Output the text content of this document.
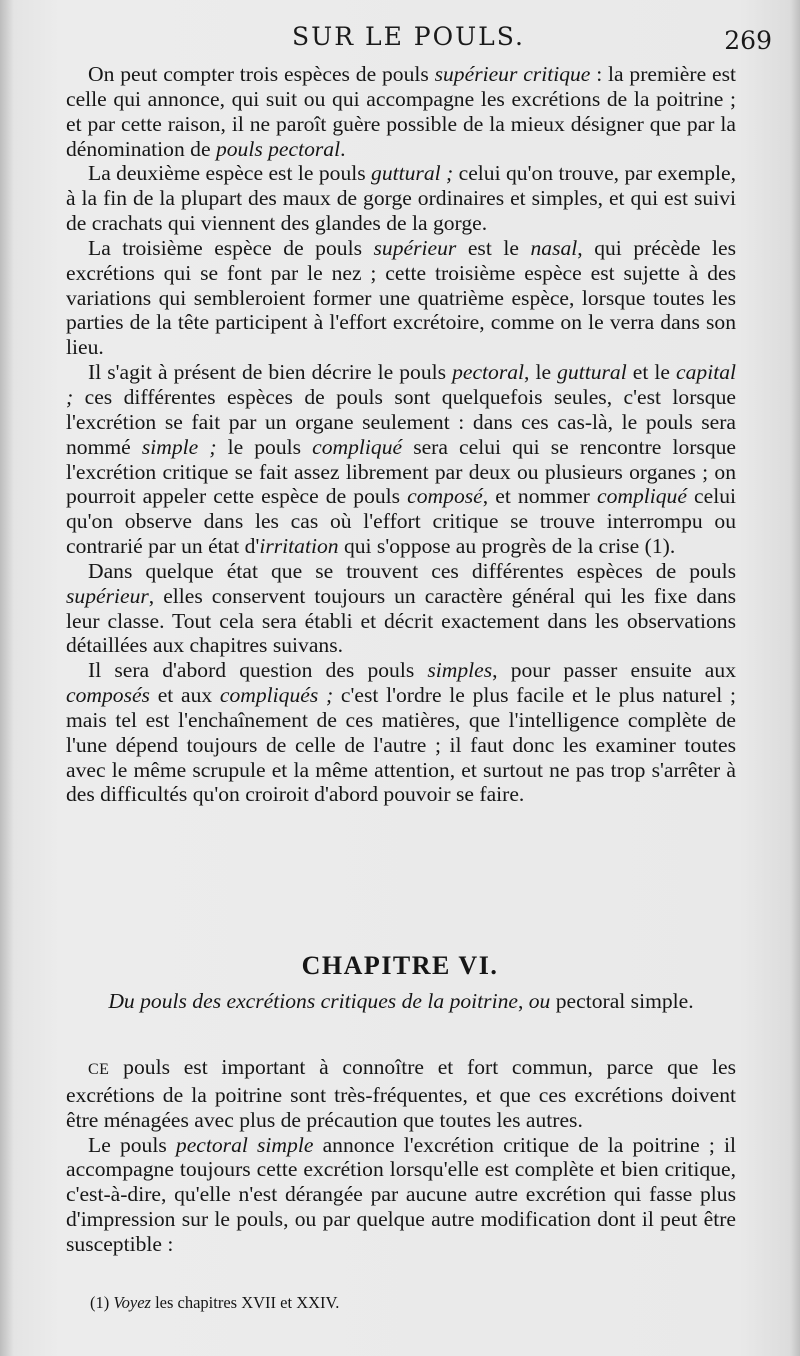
SUR LE POULS.	269

On peut compter trois espèces de pouls supérieur critique : la première est celle qui annonce, qui suit ou qui accompagne les excrétions de la poitrine ; et par cette raison, il ne paroît guère possible de la mieux désigner que par la dénomination de pouls pectoral.

La deuxième espèce est le pouls guttural ; celui qu'on trouve, par exemple, à la fin de la plupart des maux de gorge ordinaires et simples, et qui est suivi de crachats qui viennent des glandes de la gorge.

La troisième espèce de pouls supérieur est le nasal, qui précède les excrétions qui se font par le nez ; cette troisième espèce est sujette à des variations qui sembleroient former une quatrième espèce, lorsque toutes les parties de la tête participent à l'effort excrétoire, comme on le verra dans son lieu.

Il s'agit à présent de bien décrire le pouls pectoral, le guttural et le capital ; ces différentes espèces de pouls sont quelquefois seules, c'est lorsque l'excrétion se fait par un organe seulement : dans ces cas-là, le pouls sera nommé simple ; le pouls compliqué sera celui qui se rencontre lorsque l'excrétion critique se fait assez librement par deux ou plusieurs organes ; on pourroit appeler cette espèce de pouls composé, et nommer compliqué celui qu'on observe dans les cas où l'effort critique se trouve interrompu ou contrarié par un état d'irritation qui s'oppose au progrès de la crise (1).

Dans quelque état que se trouvent ces différentes espèces de pouls supérieur, elles conservent toujours un caractère général qui les fixe dans leur classe. Tout cela sera établi et décrit exactement dans les observations détaillées aux chapitres suivans.

Il sera d'abord question des pouls simples, pour passer ensuite aux composés et aux compliqués ; c'est l'ordre le plus facile et le plus naturel ; mais tel est l'enchaînement de ces matières, que l'intelligence complète de l'une dépend toujours de celle de l'autre ; il faut donc les examiner toutes avec le même scrupule et la même attention, et surtout ne pas trop s'arrêter à des difficultés qu'on croiroit d'abord pouvoir se faire.

CHAPITRE VI.
Du pouls des excrétions critiques de la poitrine, ou pectoral simple.

CE pouls est important à connoître et fort commun, parce que les excrétions de la poitrine sont très-fréquentes, et que ces excrétions doivent être ménagées avec plus de précaution que toutes les autres.

Le pouls pectoral simple annonce l'excrétion critique de la poitrine ; il accompagne toujours cette excrétion lorsqu'elle est complète et bien critique, c'est-à-dire, qu'elle n'est dérangée par aucune autre excrétion qui fasse plus d'impression sur le pouls, ou par quelque autre modification dont il peut être susceptible :

(1) Voyez les chapitres XVII et XXIV.
